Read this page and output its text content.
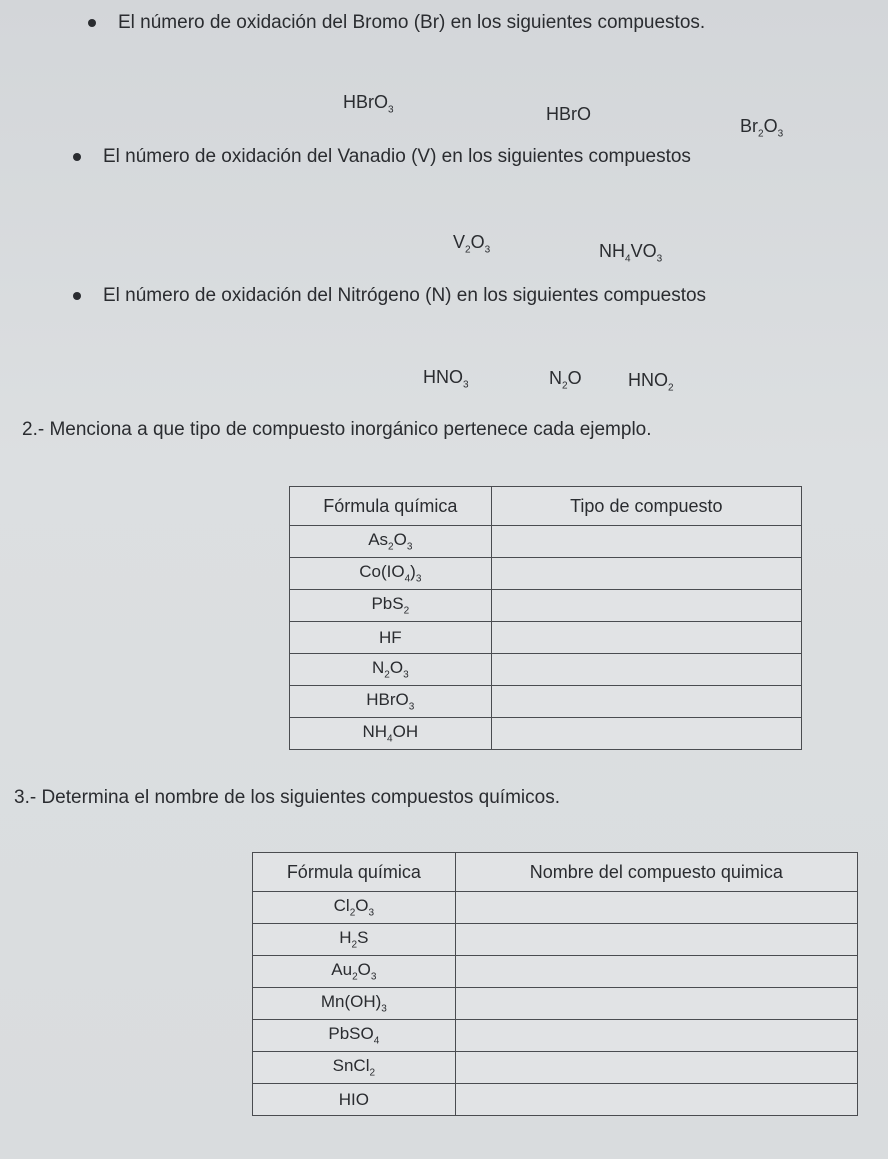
El número de oxidación del Bromo (Br) en los siguientes compuestos.
HBrO$_3$	HBrO
$Br_2O_3$
El número de oxidación del Vanadio (V) en los siguientes compuestos
$V_2O_3$	$NH_4VO_3$
El número de oxidación del Nitrógeno (N) en los siguientes compuestos
$HNO_3$	$N_2O$	$HNO_2$
2.- Menciona a que tipo de compuesto inorgánico pertenece cada ejemplo.
Fórmula química	Tipo de compuesto
$As_2O_3$	
$Co(IO_4)_3$	
PbS$_2$	
HF	
$N_2O_3$	
HBrO$_3$	
$NH_4OH$	
3.- Determina el nombre de los siguientes compuestos químicos.
Fórmula química	Nombre del compuesto quimica
$Cl_2O_3$	
$H_2S$	
$Au_2O_3$	
$Mn(OH)_3$	
PbSO$_4$	
SnCl$_2$	
HIO	
